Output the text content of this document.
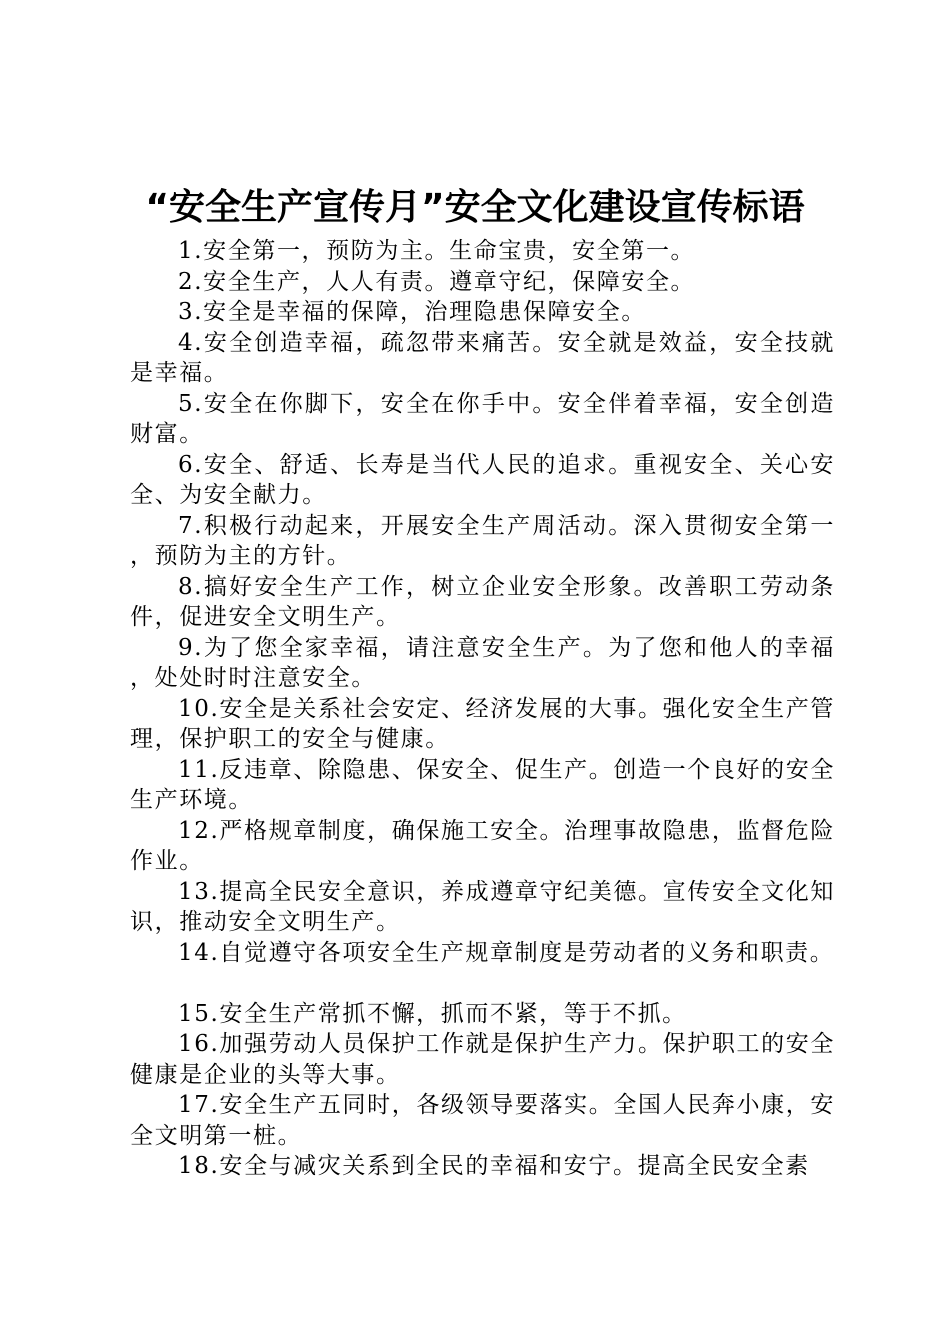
“安全生产宣传月”安全文化建设宣传标语

1.安全第一，预防为主。生命宝贵，安全第一。

2.安全生产，人人有责。遵章守纪，保障安全。

3.安全是幸福的保障，治理隐患保障安全。

4.安全创造幸福，疏忽带来痛苦。安全就是效益，安全技就是幸福。

5.安全在你脚下，安全在你手中。安全伴着幸福，安全创造财富。

6.安全、舒适、长寿是当代人民的追求。重视安全、关心安全、为安全献力。

7.积极行动起来，开展安全生产周活动。深入贯彻安全第一，预防为主的方针。

8.搞好安全生产工作，树立企业安全形象。改善职工劳动条件，促进安全文明生产。

9.为了您全家幸福，请注意安全生产。为了您和他人的幸福，处处时时注意安全。

10.安全是关系社会安定、经济发展的大事。强化安全生产管理，保护职工的安全与健康。

11.反违章、除隐患、保安全、促生产。创造一个良好的安全生产环境。

12.严格规章制度，确保施工安全。治理事故隐患，监督危险作业。

13.提高全民安全意识，养成遵章守纪美德。宣传安全文化知识，推动安全文明生产。

14.自觉遵守各项安全生产规章制度是劳动者的义务和职责。

15.安全生产常抓不懈，抓而不紧，等于不抓。

16.加强劳动人员保护工作就是保护生产力。保护职工的安全健康是企业的头等大事。

17.安全生产五同时，各级领导要落实。全国人民奔小康，安全文明第一桩。

18.安全与减灾关系到全民的幸福和安宁。提高全民安全素
